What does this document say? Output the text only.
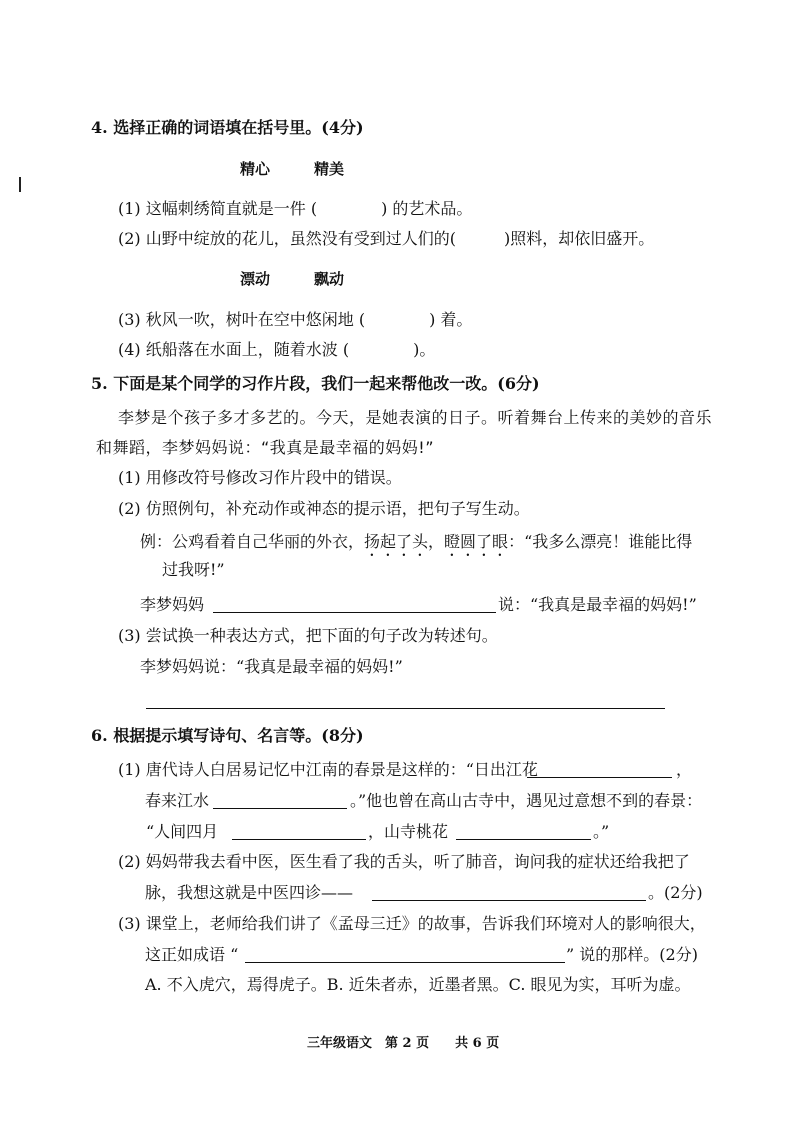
4. 选择正确的词语填在括号里。(4分)
精心	精美
(1) 这幅刺绣简直就是一件 (　　　　) 的艺术品。
(2) 山野中绽放的花儿，虽然没有受到过人们的(　　　)照料，却依旧盛开。
漂动	飘动
(3) 秋风一吹，树叶在空中悠闲地 (　　　　) 着。
(4) 纸船落在水面上，随着水波 (　　　　)。
5. 下面是某个同学的习作片段，我们一起来帮他改一改。(6分)
李梦是个孩子多才多艺的。今天，是她表演的日子。听着舞台上传来的美妙的音乐
和舞蹈，李梦妈妈说：“我真是最幸福的妈妈!”
(1) 用修改符号修改习作片段中的错误。
(2) 仿照例句，补充动作或神态的提示语，把句子写生动。
例：公鸡看着自己华丽的外衣，扬起了头，瞪圆了眼：“我多么漂亮！谁能比得
过我呀!”
李梦妈妈	说：“我真是最幸福的妈妈!”
(3) 尝试换一种表达方式，把下面的句子改为转述句。
李梦妈妈说：“我真是最幸福的妈妈!”
6. 根据提示填写诗句、名言等。(8分)
(1) 唐代诗人白居易记忆中江南的春景是这样的：“日出江花	，
春来江水	。”他也曾在高山古寺中，遇见过意想不到的春景：
“人间四月	，山寺桃花	。”
(2) 妈妈带我去看中医，医生看了我的舌头，听了肺音，询问我的症状还给我把了
脉，我想这就是中医四诊——	。(2分)
(3) 课堂上，老师给我们讲了《孟母三迁》的故事，告诉我们环境对人的影响很大，
这正如成语 “	” 说的那样。(2分)
A. 不入虎穴，焉得虎子。B. 近朱者赤，近墨者黑。C. 眼见为实，耳听为虚。
三年级语文　第 2 页　　共 6 页
